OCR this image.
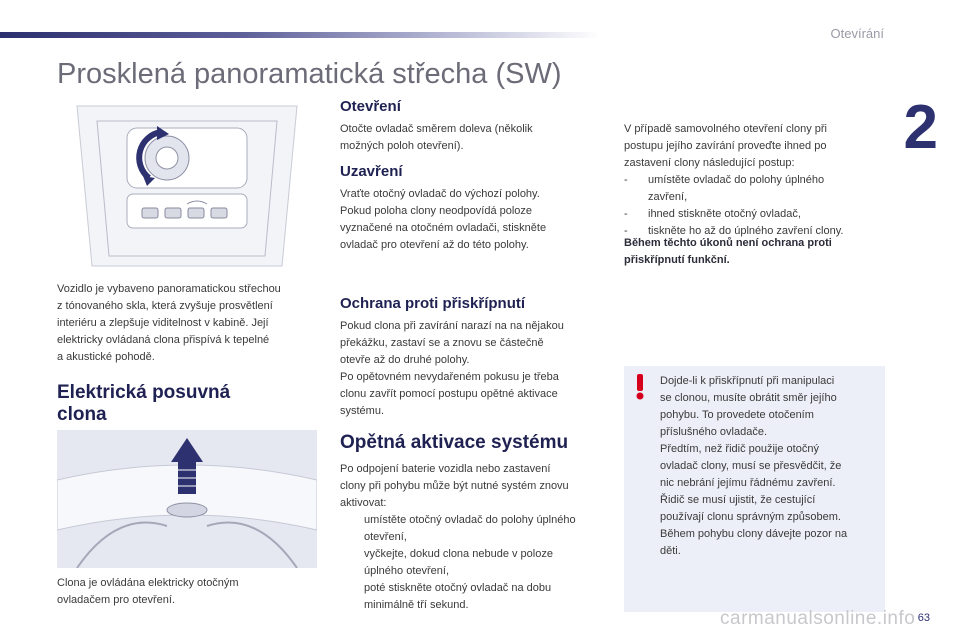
Otevírání
2
Prosklená panoramatická střecha (SW)

Vozidlo je vybaveno panoramatickou střechou
z tónovaného skla, která zvyšuje prosvětlení
interiéru a zlepšuje viditelnost v kabině. Její
elektricky ovládaná clona přispívá k tepelné
a akustické pohodě.

Elektrická posuvná
clona

Clona je ovládána elektricky otočným
ovladačem pro otevření.

Otevření

Otočte ovladač směrem doleva (několik
možných poloh otevření).

Uzavření

Vraťte otočný ovladač do výchozí polohy.
Pokud poloha clony neodpovídá poloze
vyznačené na otočném ovladači, stiskněte
ovladač pro otevření až do této polohy.

Ochrana proti přiskřípnutí

Pokud clona při zavírání narazí na na nějakou
překážku, zastaví se a znovu se částečně
otevře až do druhé polohy.
Po opětovném nevydařeném pokusu je třeba
clonu zavřít pomocí postupu opětné aktivace
systému.

Opětná aktivace systému

Po odpojení baterie vozidla nebo zastavení
clony při pohybu může být nutné systém znovu
aktivovat:

umístěte otočný ovladač do polohy úplného
otevření,
vyčkejte, dokud clona nebude v poloze
úplného otevření,
poté stiskněte otočný ovladač na dobu
minimálně tří sekund.

V případě samovolného otevření clony při
postupu jejího zavírání proveďte ihned po
zastavení clony následující postup:

- umístěte ovladač do polohy úplného
zavření,
- ihned stiskněte otočný ovladač,
- tiskněte ho až do úplného zavření clony.

Během těchto úkonů není ochrana proti
přiskřípnutí funkční.

Dojde-li k přiskřípnutí při manipulaci
se clonou, musíte obrátit směr jejího
pohybu. To provedete otočením
příslušného ovladače.
Předtím, než řidič použije otočný
ovladač clony, musí se přesvědčit, že
nic nebrání jejímu řádnému zavření.
Řidič se musí ujistit, že cestující
používají clonu správným způsobem.
Během pohybu clony dávejte pozor na
děti.

carmanualsonline.info 63
